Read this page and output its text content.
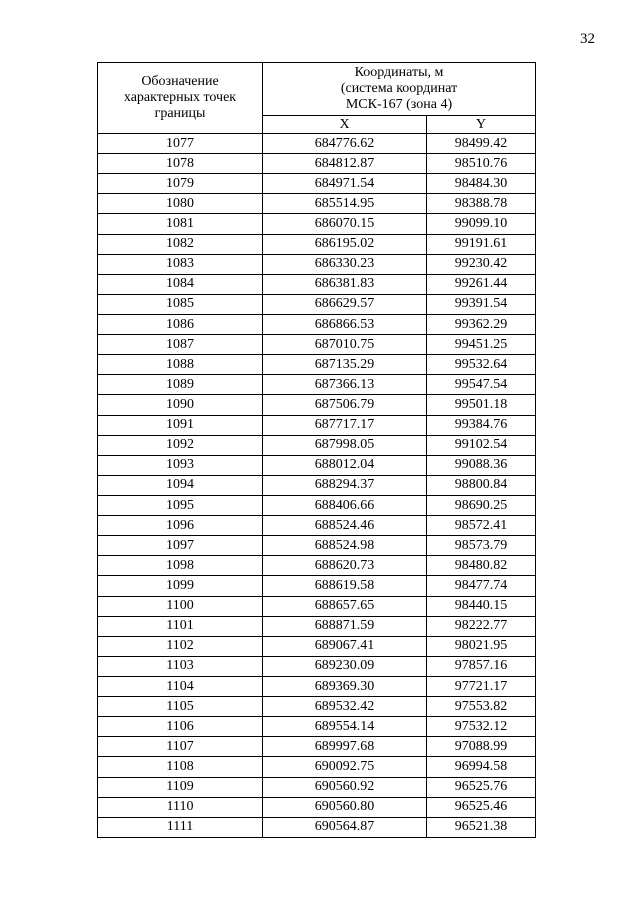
32
Обозначение
характерных точек
границы	Координаты, м
(система координат
МСК-167 (зона 4)	

	X	Y
1077	684776.62	98499.42
1078	684812.87	98510.76
1079	684971.54	98484.30
1080	685514.95	98388.78
1081	686070.15	99099.10
1082	686195.02	99191.61
1083	686330.23	99230.42
1084	686381.83	99261.44
1085	686629.57	99391.54
1086	686866.53	99362.29
1087	687010.75	99451.25
1088	687135.29	99532.64
1089	687366.13	99547.54
1090	687506.79	99501.18
1091	687717.17	99384.76
1092	687998.05	99102.54
1093	688012.04	99088.36
1094	688294.37	98800.84
1095	688406.66	98690.25
1096	688524.46	98572.41
1097	688524.98	98573.79
1098	688620.73	98480.82
1099	688619.58	98477.74
1100	688657.65	98440.15
1101	688871.59	98222.77
1102	689067.41	98021.95
1103	689230.09	97857.16
1104	689369.30	97721.17
1105	689532.42	97553.82
1106	689554.14	97532.12
1107	689997.68	97088.99
1108	690092.75	96994.58
1109	690560.92	96525.76
1110	690560.80	96525.46
1111	690564.87	96521.38
